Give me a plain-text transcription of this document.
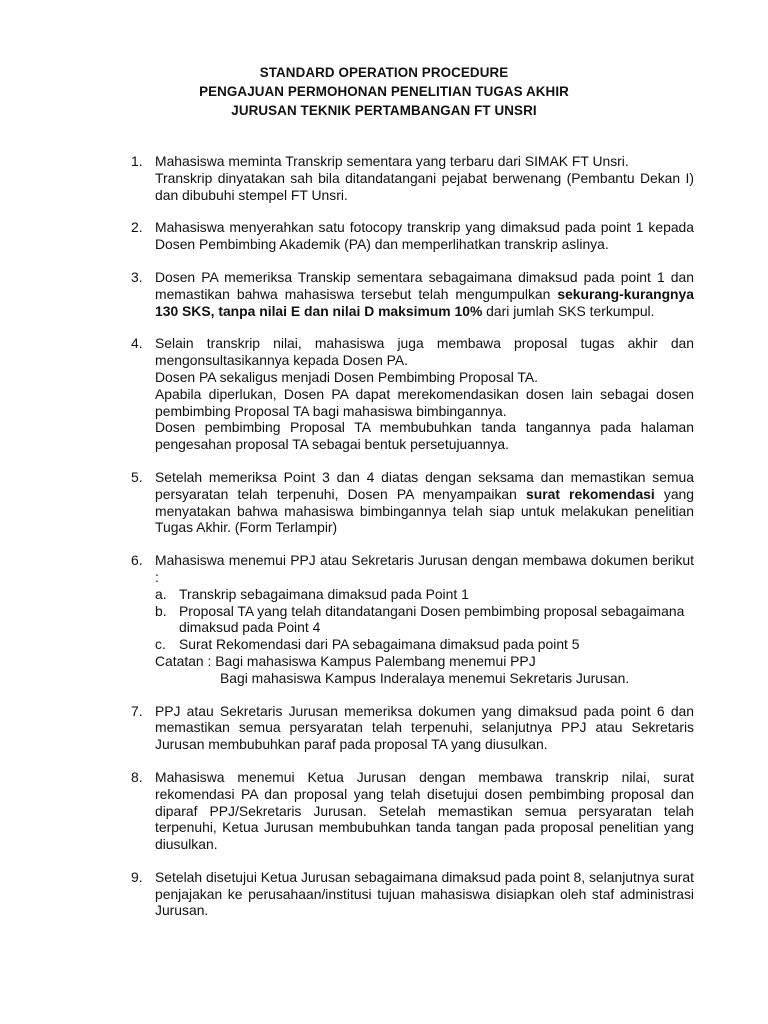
STANDARD OPERATION PROCEDURE
PENGAJUAN PERMOHONAN PENELITIAN TUGAS AKHIR
JURUSAN TEKNIK PERTAMBANGAN FT UNSRI
1. Mahasiswa meminta Transkrip sementara yang terbaru dari SIMAK FT Unsri.
Transkrip dinyatakan sah bila ditandatangani pejabat berwenang (Pembantu Dekan I) dan dibubuhi stempel FT Unsri.
2. Mahasiswa menyerahkan satu fotocopy transkrip yang dimaksud pada point 1 kepada Dosen Pembimbing Akademik (PA) dan memperlihatkan transkrip aslinya.
3. Dosen PA memeriksa Transkip sementara sebagaimana dimaksud pada point 1 dan memastikan bahwa mahasiswa tersebut telah mengumpulkan sekurang-kurangnya 130 SKS, tanpa nilai E dan nilai D maksimum 10% dari jumlah SKS terkumpul.
4. Selain transkrip nilai, mahasiswa juga membawa proposal tugas akhir dan mengonsultasikannya kepada Dosen PA.
Dosen PA sekaligus menjadi Dosen Pembimbing Proposal TA.
Apabila diperlukan, Dosen PA dapat merekomendasikan dosen lain sebagai dosen pembimbing Proposal TA bagi mahasiswa bimbingannya.
Dosen pembimbing Proposal TA membubuhkan tanda tangannya pada halaman pengesahan proposal TA sebagai bentuk persetujuannya.
5. Setelah memeriksa Point 3 dan 4 diatas dengan seksama dan memastikan semua persyaratan telah terpenuhi, Dosen PA menyampaikan surat rekomendasi yang menyatakan bahwa mahasiswa bimbingannya telah siap untuk melakukan penelitian Tugas Akhir. (Form Terlampir)
6. Mahasiswa menemui PPJ atau Sekretaris Jurusan dengan membawa dokumen berikut :
a. Transkrip sebagaimana dimaksud pada Point 1
b. Proposal TA yang telah ditandatangani Dosen pembimbing proposal sebagaimana dimaksud pada Point 4
c. Surat Rekomendasi dari PA sebagaimana dimaksud pada point 5
Catatan : Bagi mahasiswa Kampus Palembang menemui PPJ
Bagi mahasiswa Kampus Inderalaya menemui Sekretaris Jurusan.
7. PPJ atau Sekretaris Jurusan memeriksa dokumen yang dimaksud pada point 6 dan memastikan semua persyaratan telah terpenuhi, selanjutnya PPJ atau Sekretaris Jurusan membubuhkan paraf pada proposal TA yang diusulkan.
8. Mahasiswa menemui Ketua Jurusan dengan membawa transkrip nilai, surat rekomendasi PA dan proposal yang telah disetujui dosen pembimbing proposal dan diparaf PPJ/Sekretaris Jurusan. Setelah memastikan semua persyaratan telah terpenuhi, Ketua Jurusan membubuhkan tanda tangan pada proposal penelitian yang diusulkan.
9. Setelah disetujui Ketua Jurusan sebagaimana dimaksud pada point 8, selanjutnya surat penjajakan ke perusahaan/institusi tujuan mahasiswa disiapkan oleh staf administrasi Jurusan.
